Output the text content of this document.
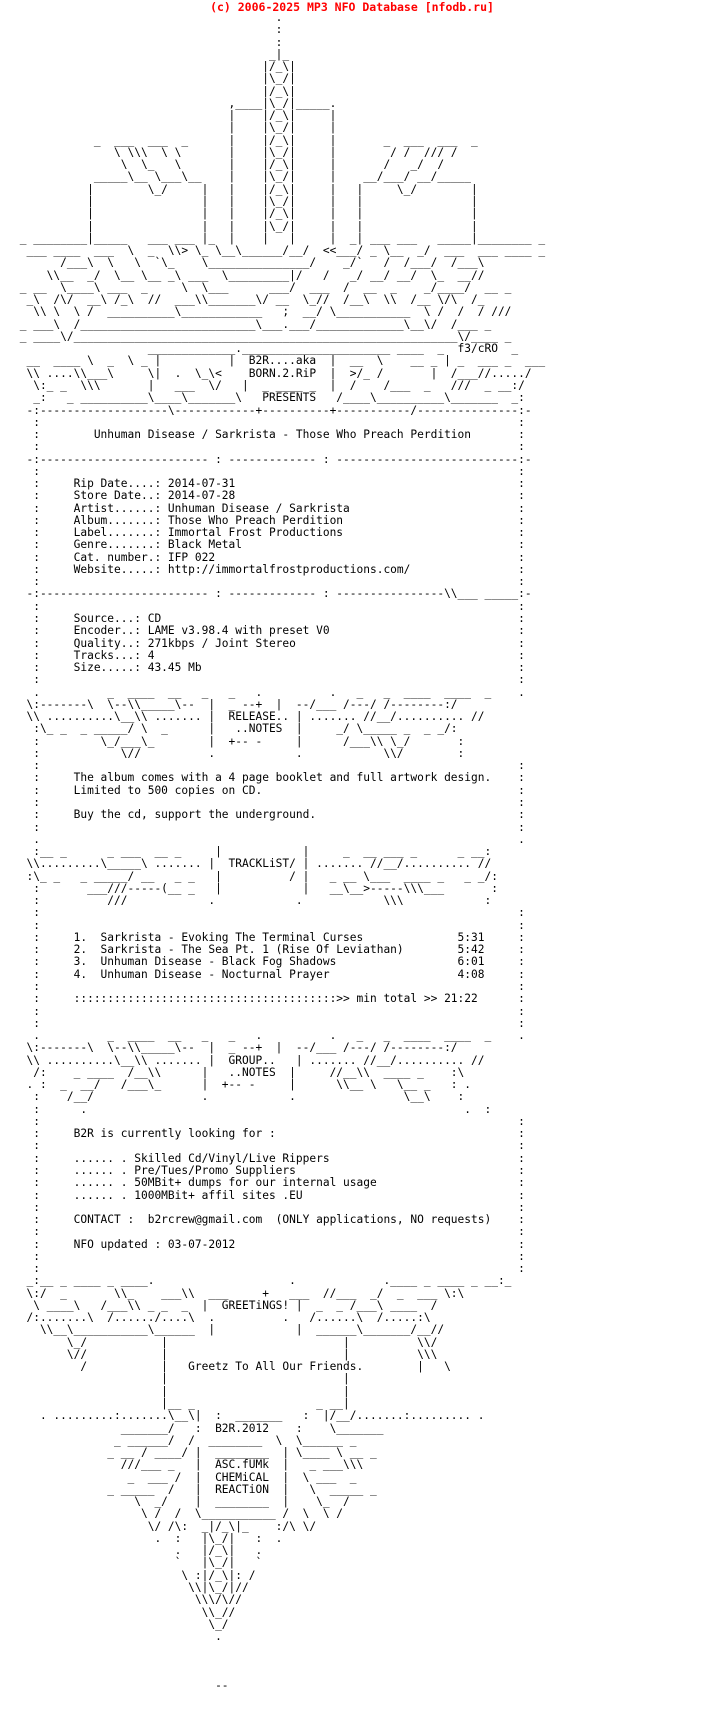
(c) 2006-2025 MP3 NFO Database [nfodb.ru]
.
:
:
_|_
|/_\|
|\_/|
|/_\|
,____|\_/|_____.
|    |/_\|     |
|    |\_/|     |
_  ___  ___  _      |    |/_\|     |       _  ___  ___  _
\ \\\  \ \       |    |\_/|     |        / /  /// /
\  \_   \       |    |/_\|     |       /   _/  /
_____\__ \___\__    |    |\_/|     |    __/___/ __/_____
|        \_/     |   |    |/_\|     |   |     \_/        |
|                |   |    |\_/|     |   |                |
|                |   |    |/_\|     |   |                |
|                |   |    |\_/|     |   |                |
_ ________|_____   ___ ___ |_  |    |   |     |  _| ___ ___   _____|________ _
___ ____  ___  \  _  \\> \_ \__\______/__/  <<___/ _ \__  _/  ___  ___ ____ _
/___\  \   \  `\_    \_______________/    _/`   /  /___/  /___\
\\__  _/  \__ \__ _\ ___  \_________|/   /   _/ __/ __/  \_  __//
_ __  \____\ ___  _     \  \___      ___/  ___  /  __  _    _/____/  __ _
_\  /\/  __\ /_\  //  ___\\_______\/ __  \_//  /__\  \\  /__ \/\  /_
\\ \  \ /  __________\____________   ;  __/ \___________  \ /  /  / ///
_ ___\  /__________________________\___.___/_____________\__\/  /___ _
_ ____\/_________________________________________________________\/____ _
_____________.______________________ ____  _  f3/cRO  _
__  ____ \  _  \ _ |          |  B2R....aka  |  __  \    __ _ | _  ___ _  ___
\\ ....\\___\     \|  .  \_\<    BORN.2.RiP  |  >/_ /       |  /___//...../
\:_ _  \\\       |   ___  \/   |  _ ____ _  |  /    /___  _   ///  _ __:/
_:   _ __________\____\_______\   PRESENTS   /____\__________\_______  _:
-:-------------------\------------+----------+-----------/---------------:-
:                                                                       :
:        Unhuman Disease / Sarkrista - Those Who Preach Perdition       :
:                                                                       :
-:------------------------- : ------------- : ---------------------------:-
:                                                                       :
:     Rip Date....: 2014-07-31                                          :
:     Store Date..: 2014-07-28                                          :
:     Artist......: Unhuman Disease / Sarkrista                         :
:     Album.......: Those Who Preach Perdition                          :
:     Label.......: Immortal Frost Productions                          :
:     Genre.......: Black Metal                                         :
:     Cat. number.: IFP 022                                             :
:     Website.....: http://immortalfrostproductions.com/                :
:                                                                       :
-:------------------------- : ------------- : ----------------\\___ _____:-
:                                                                       :
:     Source...: CD                                                     :
:     Encoder..: LAME v3.98.4 with preset V0                            :
:     Quality..: 271kbps / Joint Stereo                                 :
:     Tracks...: 4                                                      :
:     Size.....: 43.45 Mb                                               :
:                                                                       :
.          _  ____  __   _   _   .          .   _   _  ____  ____  _    .
\:-------\  \--\\_____\--  |  _ --+  |  --/___ /---/ /--------:/
\\ ..........\__\\ ....... |  RELEASE.. | ....... //__/.......... //
:\_ _  _ _____/ \  _      |   ..NOTES  |     _/ \_____ _  _ _/:
:         \_/___\_        |  +-- -     |      /___\\ \_/       :
:            \//          .            .            \\/        :
:                                                                       :
:     The album comes with a 4 page booklet and full artwork design.    :
:     Limited to 500 copies on CD.                                      :
:                                                                       :
:     Buy the cd, support the underground.                              :
:                                                                       :
.                                                                       .
:__ _      _ ___  __ _     |            |     _  __ ___ _      _ __:
\\.........\_____\ ....... |  TRACKLiST/ | ....... //__/.......... //
:\_ _   _ _____/ __   _ _   |          / |   _ __ \___  ____ _   _ _/:
:       ___///-----(__ _   |            |   __\__>-----\\\___       :
:          ///            .            .            \\\            :
:                                                                       :
:                                                                       :
:     1.  Sarkrista - Evoking The Terminal Curses              5:31     :
:     2.  Sarkrista - The Sea Pt. 1 (Rise Of Leviathan)        5:42     :
:     3.  Unhuman Disease - Black Fog Shadows                  6:01     :
:     4.  Unhuman Disease - Nocturnal Prayer                   4:08     :
:                                                                       :
:     :::::::::::::::::::::::::::::::::::::::>> min total >> 21:22      :
:                                                                       :
:                                                                       :
.          _  ____  __   _   _   .          .   _   _  ____  ____  _    .
\:-------\  \--\\_____\--  |  _ --+  |  --/___ /---/ /--------:/
\\ ..........\__\\ ....... |  GROUP..   | ....... //__/.......... //
/:    _ ____  /__\\      |   ..NOTES  |     //__\\  ____ _    :\
. :  _  __/   /___\_      |  +-- -     |      \\__ \   \__ _   : .
:    /__/                .            .                \__\    :
:      .                                                        .  :
:                                                                       :
:     B2R is currently looking for :                                    :
:                                                                       :
:     ...... . Skilled Cd/Vinyl/Live Rippers                            :
:     ...... . Pre/Tues/Promo Suppliers                                 :
:     ...... . 50MBit+ dumps for our internal usage                     :
:     ...... . 1000MBit+ affil sites .EU                                :
:                                                                       :
:     CONTACT :  b2rcrew@gmail.com  (ONLY applications, NO requests)    :
:                                                                       :
:     NFO updated : 03-07-2012                                          :
:                                                                       :
:                                                                       :
_:__ _ ____ _ ____.                    .             .____ _ ____ _ __:_
\:/  _       \\_    ___\\  ___     +   ___  //___  _/  _  ___ \:\
\ ____\   /___\\ _ _  _  |  GREETiNGS! |  _  _ /___\ ____  /
/:.......\  /....../....\  .          .   /......\  /.....:\
\\__\___________\______  |            |  ______\_______/__//
\_/           |                          |          \\/
\//           |                          |          \\\
/           |   Greetz To All Our Friends.        |   \
|                          |
|                          |
|__ _                  _ __|
. .........:.......\__\|  :  _______   :  |/__/.......:......... .
_______/   :  B2R.2012    :    \_______
_ ______/  /  ________  \  \______ _
_ __ / ____/ |  ________  | \____ \ __ _
///___ _   |  ASC.fUMk  |   _ ___\\\
_  ___ /  |  CHEMiCAL  |  \ ___  _
_ _____  /   |  REACTiON  |   \  _____ _
\  _/    |  ________  |    \_  /
\ /  /  \___________ /  \  \ /
\/ /\:  _|/_\|_    :/\ \/
.  :   |\_/|   :  .
.   |/_\|   .
`   |\_/|   `
\ :|/_\|: /
\\|\_/|//
\\\/\//
\\_//
\_/
.

--
